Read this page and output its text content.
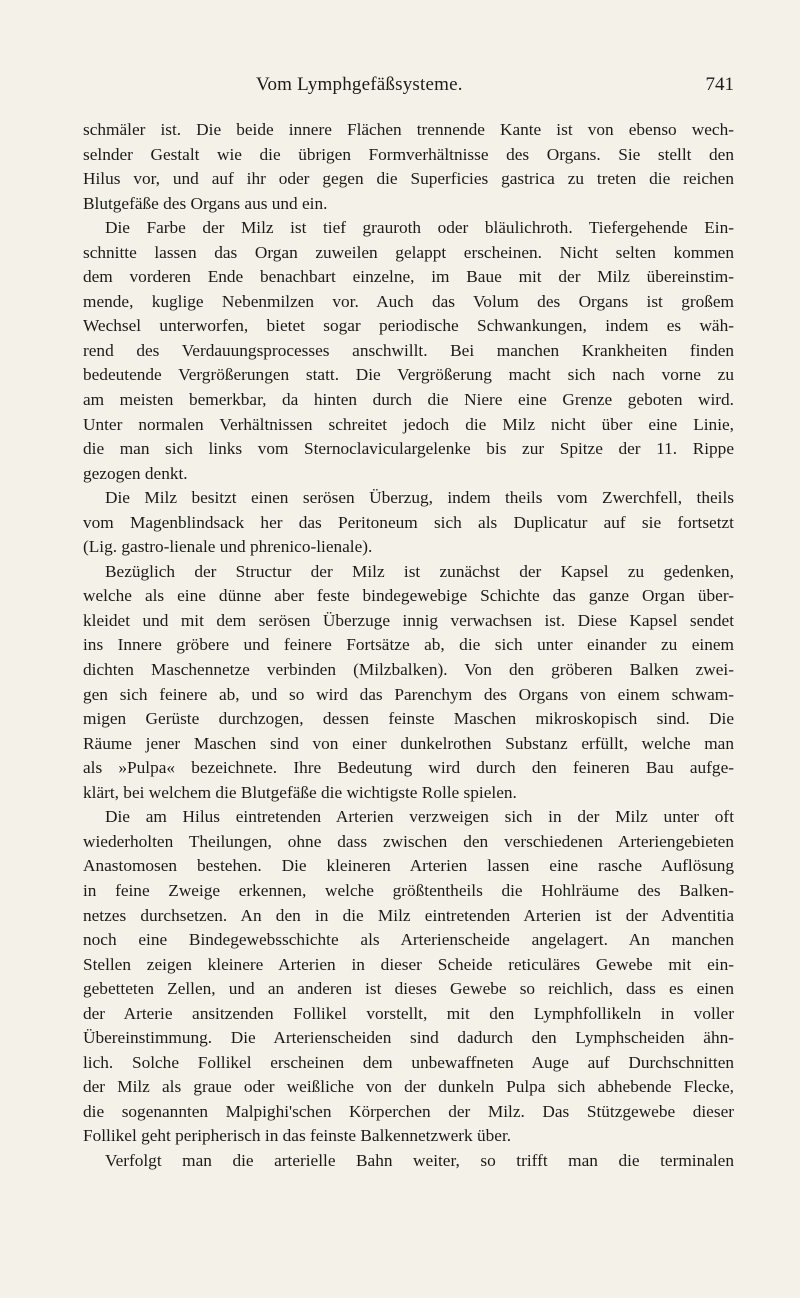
Vom Lymphgefäßsysteme.	741
schmäler ist. Die beide innere Flächen trennende Kante ist von ebenso wech-
selnder Gestalt wie die übrigen Formverhältnisse des Organs. Sie stellt den
Hilus vor, und auf ihr oder gegen die Superficies gastrica zu treten die reichen
Blutgefäße des Organs aus und ein.
Die Farbe der Milz ist tief grauroth oder bläulichroth. Tiefergehende Ein-
schnitte lassen das Organ zuweilen gelappt erscheinen. Nicht selten kommen
dem vorderen Ende benachbart einzelne, im Baue mit der Milz übereinstim-
mende, kuglige Nebenmilzen vor. Auch das Volum des Organs ist großem
Wechsel unterworfen, bietet sogar periodische Schwankungen, indem es wäh-
rend des Verdauungsprocesses anschwillt. Bei manchen Krankheiten finden
bedeutende Vergrößerungen statt. Die Vergrößerung macht sich nach vorne zu
am meisten bemerkbar, da hinten durch die Niere eine Grenze geboten wird.
Unter normalen Verhältnissen schreitet jedoch die Milz nicht über eine Linie,
die man sich links vom Sternoclaviculargelenke bis zur Spitze der 11. Rippe
gezogen denkt.
Die Milz besitzt einen serösen Überzug, indem theils vom Zwerchfell, theils
vom Magenblindsack her das Peritoneum sich als Duplicatur auf sie fortsetzt
(Lig. gastro-lienale und phrenico-lienale).
Bezüglich der Structur der Milz ist zunächst der Kapsel zu gedenken,
welche als eine dünne aber feste bindegewebige Schichte das ganze Organ über-
kleidet und mit dem serösen Überzuge innig verwachsen ist. Diese Kapsel sendet
ins Innere gröbere und feinere Fortsätze ab, die sich unter einander zu einem
dichten Maschennetze verbinden (Milzbalken). Von den gröberen Balken zwei-
gen sich feinere ab, und so wird das Parenchym des Organs von einem schwam-
migen Gerüste durchzogen, dessen feinste Maschen mikroskopisch sind. Die
Räume jener Maschen sind von einer dunkelrothen Substanz erfüllt, welche man
als »Pulpa« bezeichnete. Ihre Bedeutung wird durch den feineren Bau aufge-
klärt, bei welchem die Blutgefäße die wichtigste Rolle spielen.
Die am Hilus eintretenden Arterien verzweigen sich in der Milz unter oft
wiederholten Theilungen, ohne dass zwischen den verschiedenen Arteriengebieten
Anastomosen bestehen. Die kleineren Arterien lassen eine rasche Auflösung
in feine Zweige erkennen, welche größtentheils die Hohlräume des Balken-
netzes durchsetzen. An den in die Milz eintretenden Arterien ist der Adventitia
noch eine Bindegewebsschichte als Arterienscheide angelagert. An manchen
Stellen zeigen kleinere Arterien in dieser Scheide reticuläres Gewebe mit ein-
gebetteten Zellen, und an anderen ist dieses Gewebe so reichlich, dass es einen
der Arterie ansitzenden Follikel vorstellt, mit den Lymphfollikeln in voller
Übereinstimmung. Die Arterienscheiden sind dadurch den Lymphscheiden ähn-
lich. Solche Follikel erscheinen dem unbewaffneten Auge auf Durchschnitten
der Milz als graue oder weißliche von der dunkeln Pulpa sich abhebende Flecke,
die sogenannten Malpighi'schen Körperchen der Milz. Das Stützgewebe dieser
Follikel geht peripherisch in das feinste Balkennetzwerk über.
Verfolgt man die arterielle Bahn weiter, so trifft man die terminalen
